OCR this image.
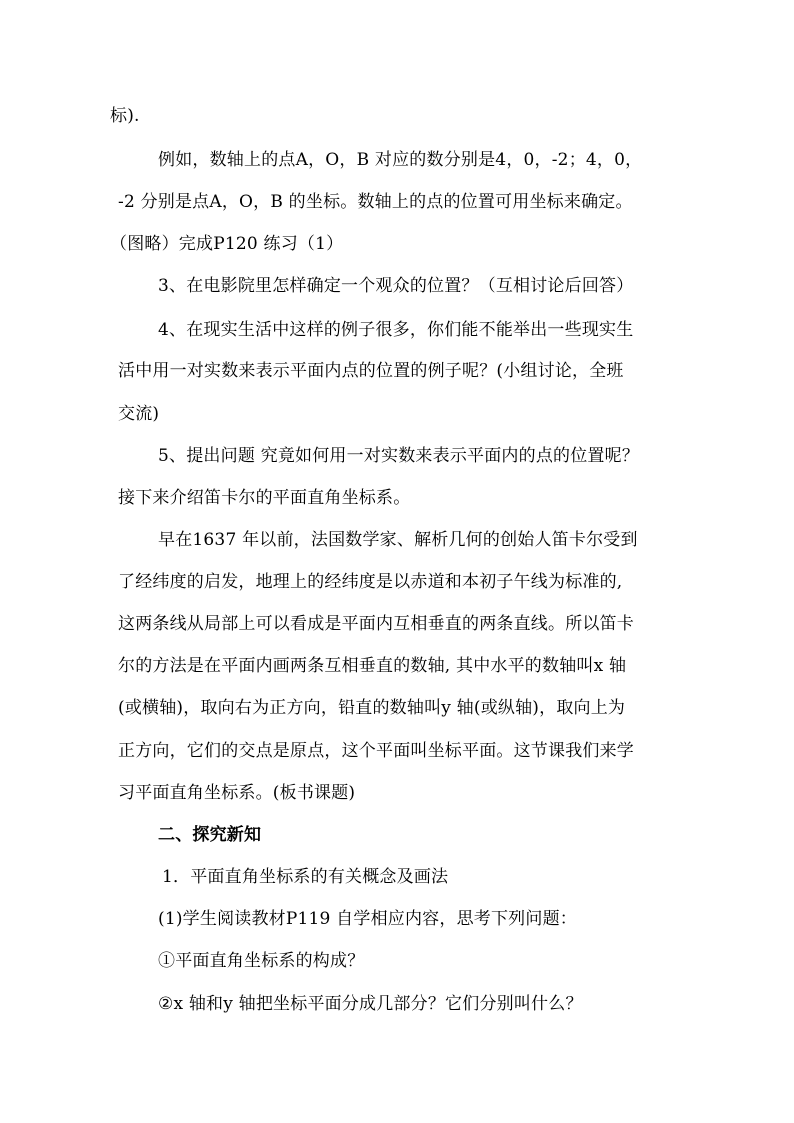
标).
例如，数轴上的点A，O，B 对应的数分别是4，0，-2；4，0，
-2 分别是点A，O，B 的坐标。数轴上的点的位置可用坐标来确定。
（图略）完成P120 练习（1）
3、在电影院里怎样确定一个观众的位置？（互相讨论后回答）
4、在现实生活中这样的例子很多，你们能不能举出一些现实生
活中用一对实数来表示平面内点的位置的例子呢？(小组讨论，全班
交流)
5、提出问题 究竟如何用一对实数来表示平面内的点的位置呢？
接下来介绍笛卡尔的平面直角坐标系。
早在1637 年以前，法国数学家、解析几何的创始人笛卡尔受到
了经纬度的启发，地理上的经纬度是以赤道和本初子午线为标准的,
这两条线从局部上可以看成是平面内互相垂直的两条直线。所以笛卡
尔的方法是在平面内画两条互相垂直的数轴, 其中水平的数轴叫x 轴
(或横轴)，取向右为正方向，铅直的数轴叫y 轴(或纵轴)，取向上为
正方向，它们的交点是原点，这个平面叫坐标平面。这节课我们来学
习平面直角坐标系。(板书课题)
二、探究新知
1．平面直角坐标系的有关概念及画法
(1)学生阅读教材P119 自学相应内容，思考下列问题：
①平面直角坐标系的构成？
②x 轴和y 轴把坐标平面分成几部分？它们分别叫什么？
